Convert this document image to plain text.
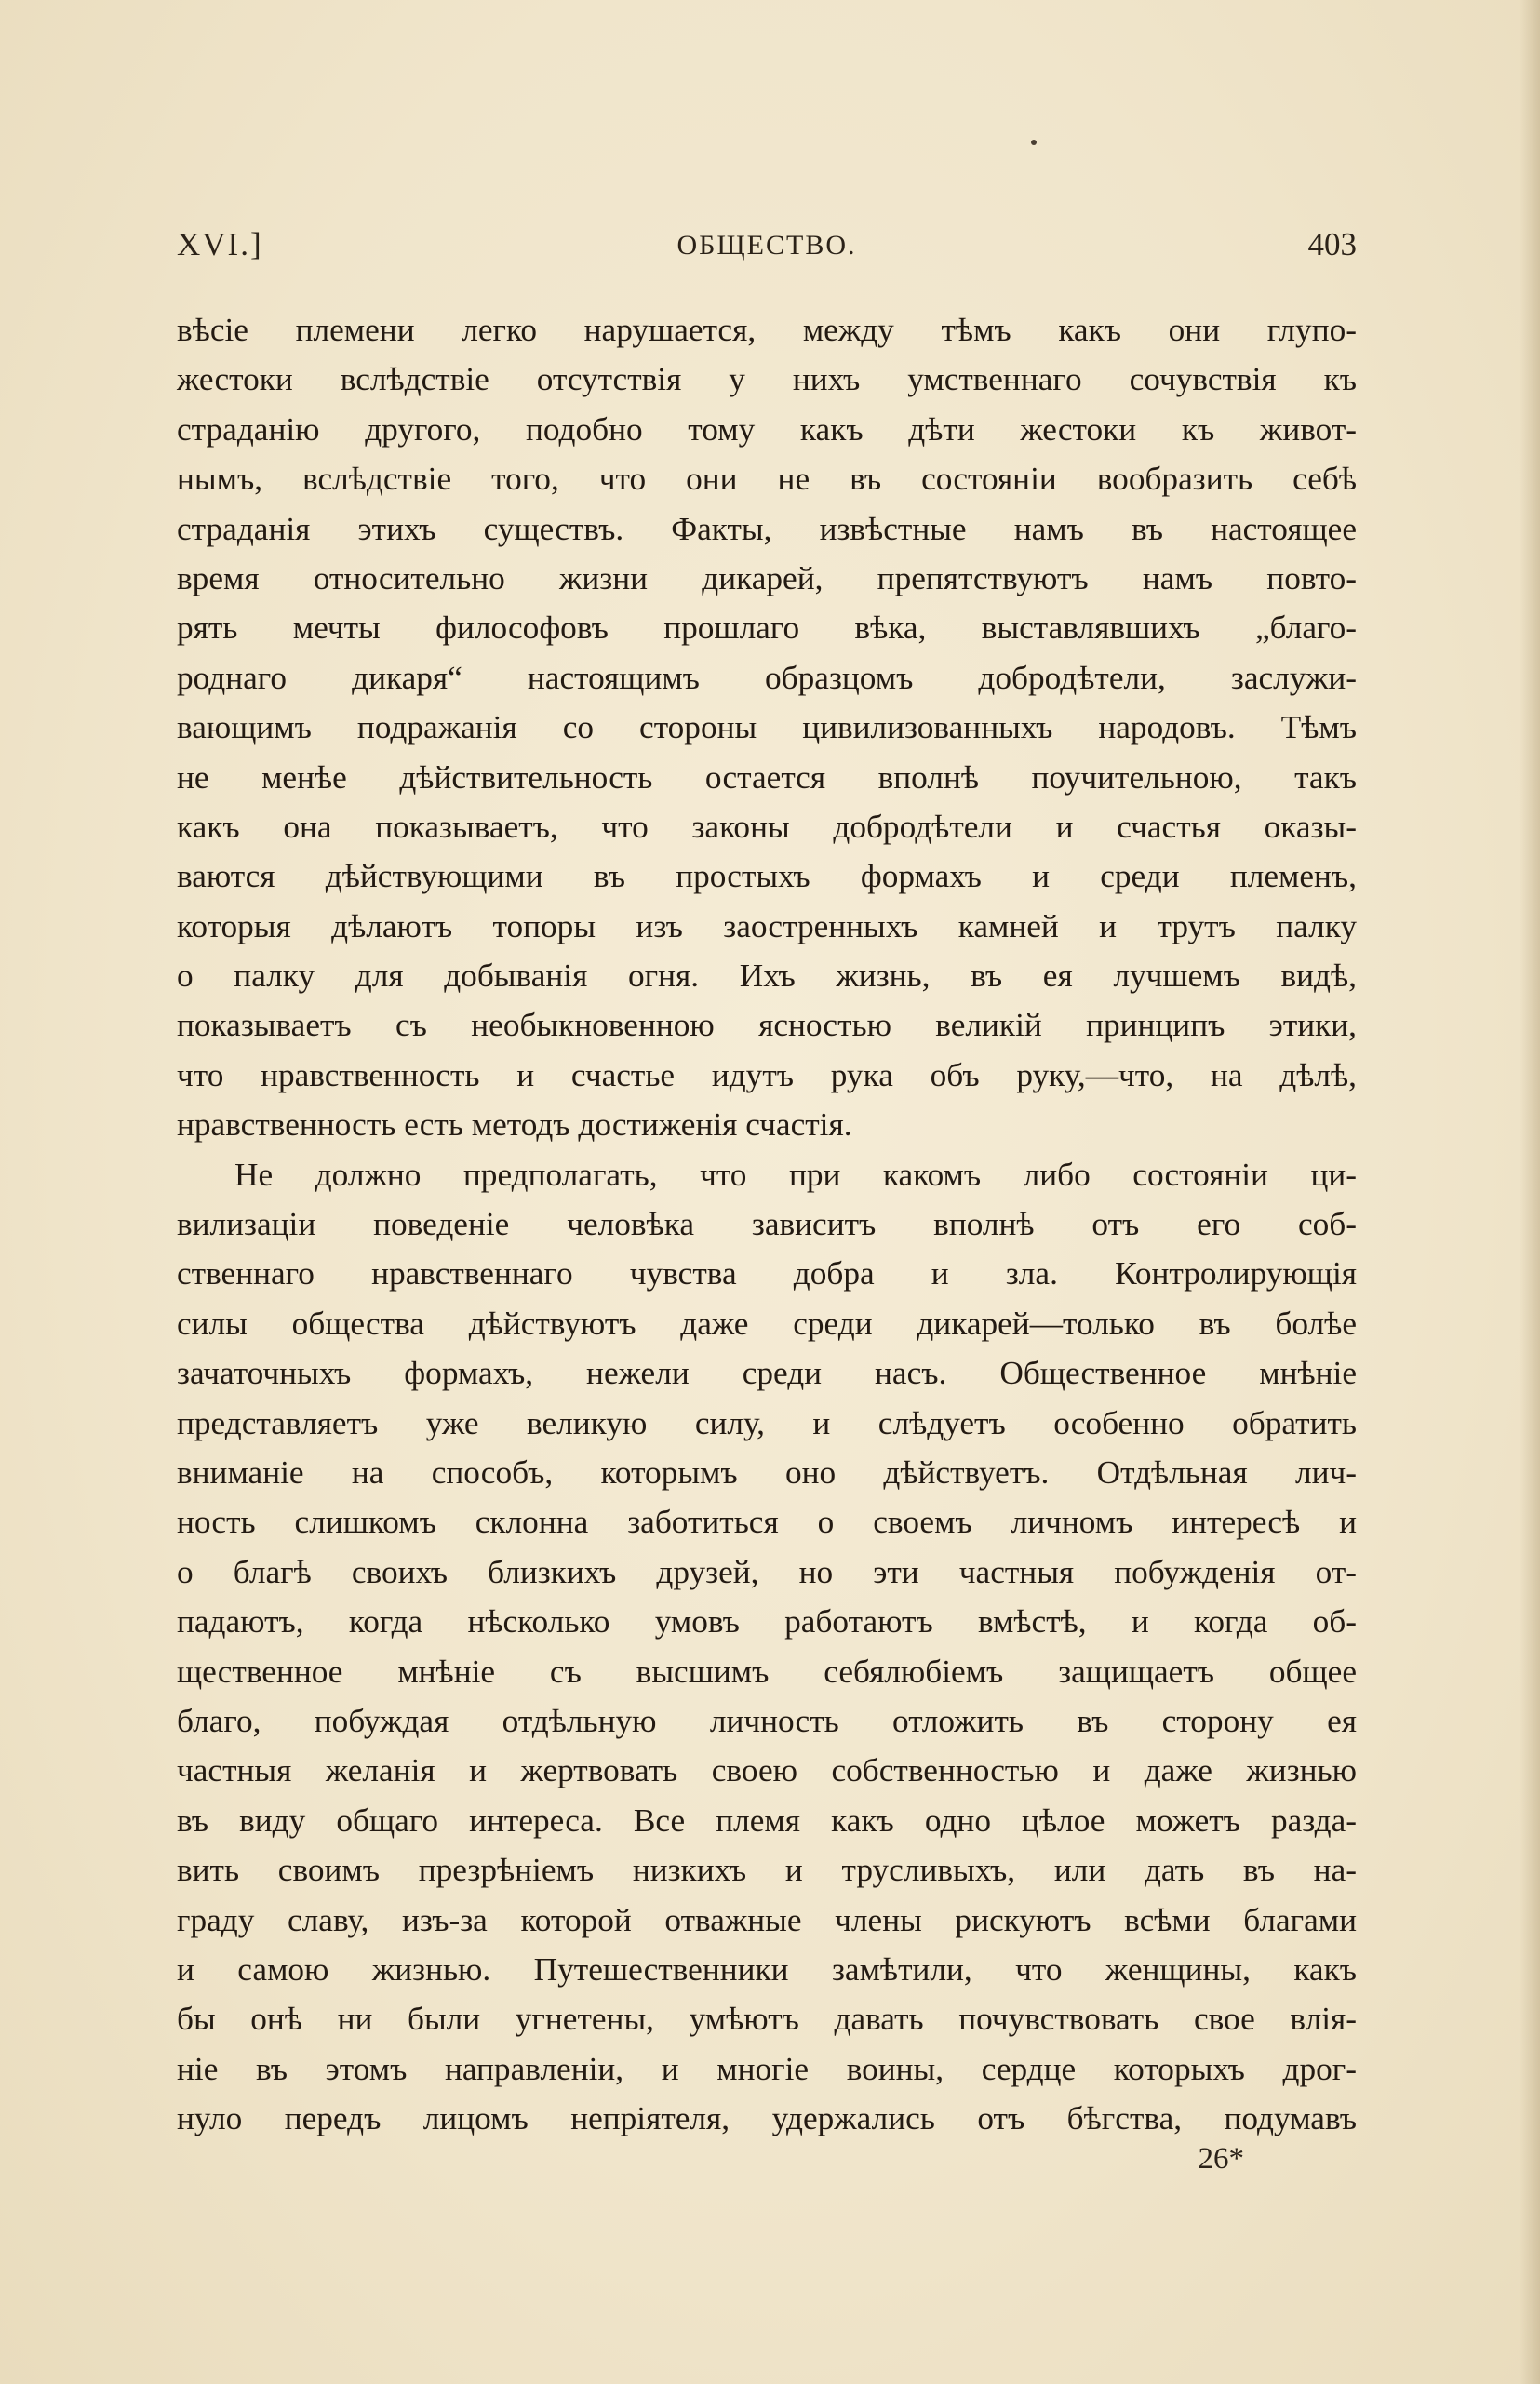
XVI.]	ОБЩЕСТВО.	403
вѣсіе племени легко нарушается, между тѣмъ какъ они глупо-
жестоки вслѣдствіе отсутствія у нихъ умственнаго сочувствія къ
страданію другого, подобно тому какъ дѣти жестоки къ живот-
нымъ, вслѣдствіе того, что они не въ состояніи вообразить себѣ
страданія этихъ существъ. Факты, извѣстные намъ въ настоящее
время относительно жизни дикарей, препятствуютъ намъ повто-
рять мечты философовъ прошлаго вѣка, выставлявшихъ „благо-
роднаго дикаря“ настоящимъ образцомъ добродѣтели, заслужи-
вающимъ подражанія со стороны цивилизованныхъ народовъ. Тѣмъ
не менѣе дѣйствительность остается вполнѣ поучительною, такъ
какъ она показываетъ, что законы добродѣтели и счастья оказы-
ваются дѣйствующими въ простыхъ формахъ и среди племенъ,
которыя дѣлаютъ топоры изъ заостренныхъ камней и трутъ палку
о палку для добыванія огня. Ихъ жизнь, въ ея лучшемъ видѣ,
показываетъ съ необыкновенною ясностью великій принципъ этики,
что нравственность и счастье идутъ рука объ руку,—что, на дѣлѣ,
нравственность есть методъ достиженія счастія.
Не должно предполагать, что при какомъ либо состояніи ци-
вилизаціи поведеніе человѣка зависитъ вполнѣ отъ его соб-
ственнаго нравственнаго чувства добра и зла. Контролирующія
силы общества дѣйствуютъ даже среди дикарей—только въ болѣе
зачаточныхъ формахъ, нежели среди насъ. Общественное мнѣніе
представляетъ уже великую силу, и слѣдуетъ особенно обратить
вниманіе на способъ, которымъ оно дѣйствуетъ. Отдѣльная лич-
ность слишкомъ склонна заботиться о своемъ личномъ интересѣ и
о благѣ своихъ близкихъ друзей, но эти частныя побужденія от-
падаютъ, когда нѣсколько умовъ работаютъ вмѣстѣ, и когда об-
щественное мнѣніе съ высшимъ себялюбіемъ защищаетъ общее
благо, побуждая отдѣльную личность отложить въ сторону ея
частныя желанія и жертвовать своею собственностью и даже жизнью
въ виду общаго интереса. Все племя какъ одно цѣлое можетъ разда-
вить своимъ презрѣніемъ низкихъ и трусливыхъ, или дать въ на-
граду славу, изъ-за которой отважные члены рискуютъ всѣми благами
и самою жизнью. Путешественники замѣтили, что женщины, какъ
бы онѣ ни были угнетены, умѣютъ давать почувствовать свое влія-
ніе въ этомъ направленіи, и многіе воины, сердце которыхъ дрог-
нуло передъ лицомъ непріятеля, удержались отъ бѣгства, подумавъ
26*
